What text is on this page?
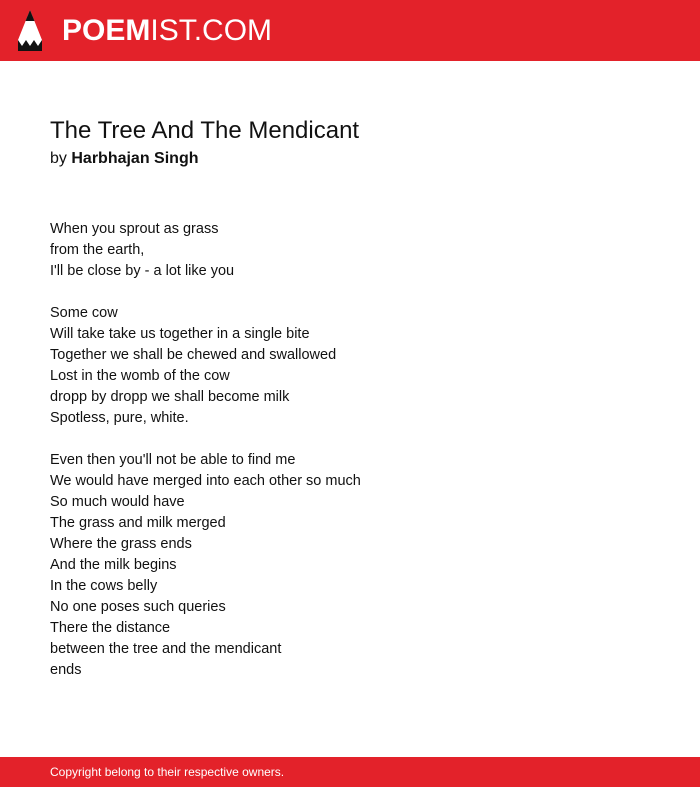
POEMIST.COM
The Tree And The Mendicant

by Harbhajan Singh

When you sprout as grass
from the earth,
I'll be close by - a lot like you
Some cow
Will take take us together in a single bite
Together we shall be chewed and swallowed
Lost in the womb of the cow
dropp by dropp we shall become milk
Spotless, pure, white.
Even then you'll not be able to find me
We would have merged into each other so much
So much would have
The grass and milk merged
Where the grass ends
And the milk begins
In the cows belly
No one poses such queries
There the distance
between the tree and the mendicant
ends
Copyright belong to their respective owners.
